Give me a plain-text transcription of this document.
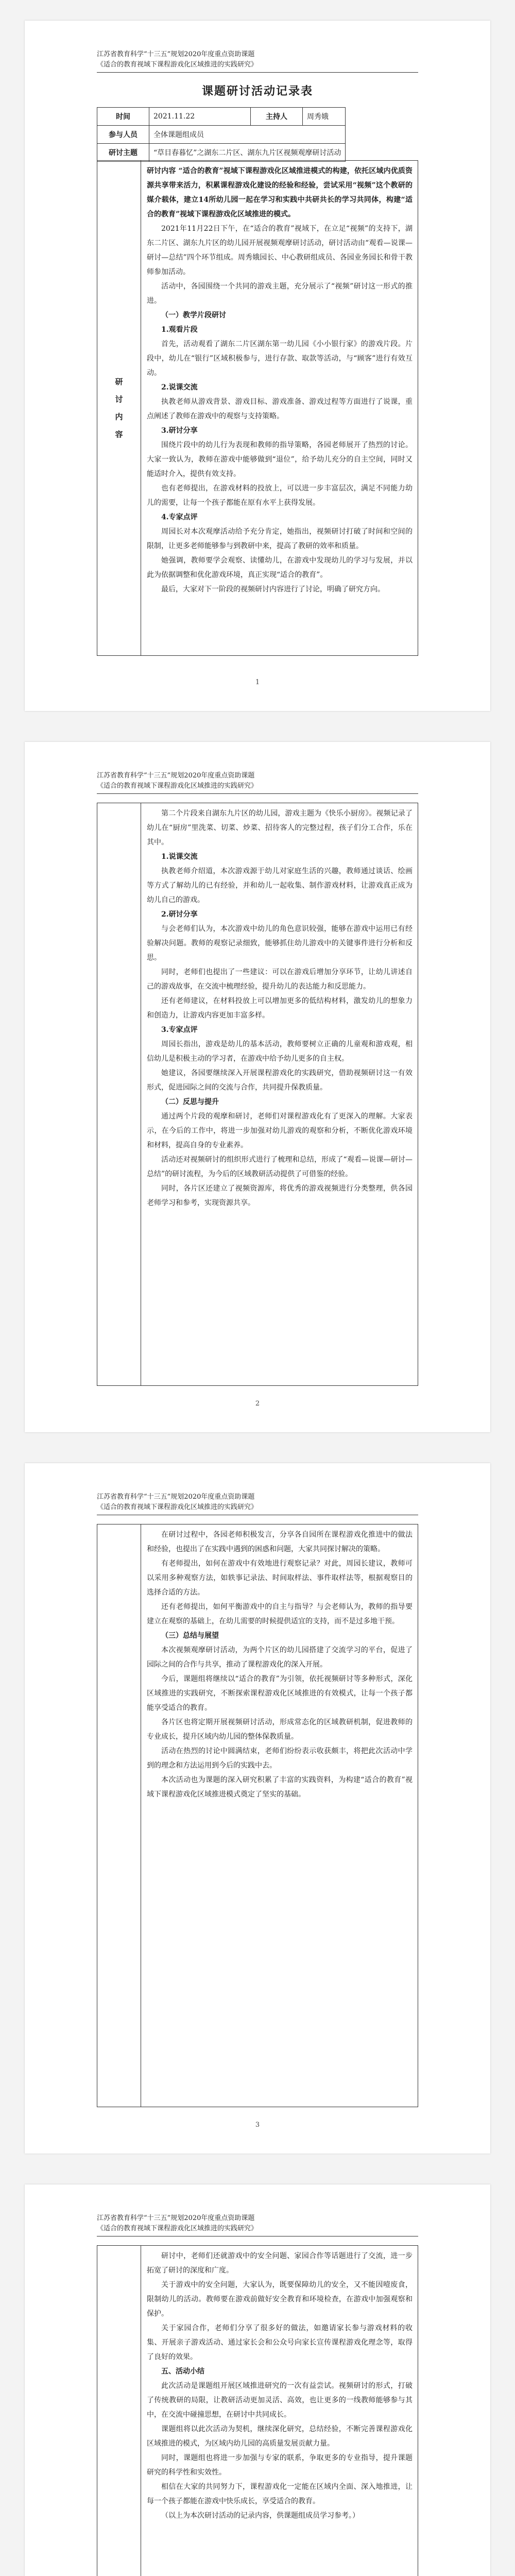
江苏省教育科学“十三五”规划2020年度重点资助课题
《适合的教育视域下课程游戏化区域推进的实践研究》
课题研讨活动记录表
时间	2021.11.22	主持人	周秀娥
参与人员	全体课题组成员		
研讨主题	“草目春暮忆”之湖东二片区、湖东九片区视频观摩研讨活动		
研
讨
内
容

研讨内容 “适合的教育”视域下课程游戏化区域推进模式的构建，依托区域内优质资源共享带来活力，积累课程游戏化建设的经验和经验，尝试采用“视频”这个教研的媒介载体，建立14所幼儿园一起在学习和实践中共研共长的学习共同体，构建“适合的教育”视域下课程游戏化区域推进的模式。

2021年11月22日下午，在“适合的教育”视域下，在立足“视频”的支持下，湖东二片区、湖东九片区的幼儿园开展视频观摩研讨活动，研讨活动由“观看—说课—研讨—总结”四个环节组成。周秀娥园长、中心教研组成员、各园业务园长和骨干教师参加活动。

活动中，各园围绕一个共同的游戏主题，充分展示了“视频”研讨这一形式的推进。

（一）教学片段研讨

1.观看片段

首先，活动观看了湖东二片区湖东第一幼儿园《小小银行家》的游戏片段。片段中，幼儿在“银行”区域积极参与，进行存款、取款等活动，与“顾客”进行有效互动。

2.说课交流

执教老师从游戏背景、游戏目标、游戏准备、游戏过程等方面进行了说课，重点阐述了教师在游戏中的观察与支持策略。

3.研讨分享

围绕片段中的幼儿行为表现和教师的指导策略，各园老师展开了热烈的讨论。大家一致认为，教师在游戏中能够做到“退位”，给予幼儿充分的自主空间，同时又能适时介入，提供有效支持。

也有老师提出，在游戏材料的投放上，可以进一步丰富层次，满足不同能力幼儿的需要，让每一个孩子都能在原有水平上获得发展。

4.专家点评

周园长对本次观摩活动给予充分肯定，她指出，视频研讨打破了时间和空间的限制，让更多老师能够参与到教研中来，提高了教研的效率和质量。

她强调，教师要学会观察、读懂幼儿，在游戏中发现幼儿的学习与发展，并以此为依据调整和优化游戏环境，真正实现“适合的教育”。

最后，大家对下一阶段的视频研讨内容进行了讨论，明确了研究方向。

1
江苏省教育科学“十三五”规划2020年度重点资助课题
《适合的教育视域下课程游戏化区域推进的实践研究》

第二个片段来自湖东九片区的幼儿园，游戏主题为《快乐小厨房》。视频记录了幼儿在“厨房”里洗菜、切菜、炒菜、招待客人的完整过程，孩子们分工合作，乐在其中。

1.说课交流

执教老师介绍道，本次游戏源于幼儿对家庭生活的兴趣，教师通过谈话、绘画等方式了解幼儿的已有经验，并和幼儿一起收集、制作游戏材料，让游戏真正成为幼儿自己的游戏。

2.研讨分享

与会老师们认为，本次游戏中幼儿的角色意识较强，能够在游戏中运用已有经验解决问题。教师的观察记录细致，能够抓住幼儿游戏中的关键事件进行分析和反思。

同时，老师们也提出了一些建议：可以在游戏后增加分享环节，让幼儿讲述自己的游戏故事，在交流中梳理经验，提升幼儿的表达能力和反思能力。

还有老师建议，在材料投放上可以增加更多的低结构材料，激发幼儿的想象力和创造力，让游戏内容更加丰富多样。

3.专家点评

周园长指出，游戏是幼儿的基本活动，教师要树立正确的儿童观和游戏观，相信幼儿是积极主动的学习者，在游戏中给予幼儿更多的自主权。

她建议，各园要继续深入开展课程游戏化的实践研究，借助视频研讨这一有效形式，促进园际之间的交流与合作，共同提升保教质量。

（二）反思与提升

通过两个片段的观摩和研讨，老师们对课程游戏化有了更深入的理解。大家表示，在今后的工作中，将进一步加强对幼儿游戏的观察和分析，不断优化游戏环境和材料，提高自身的专业素养。

活动还对视频研讨的组织形式进行了梳理和总结，形成了“观看—说课—研讨—总结”的研讨流程，为今后的区域教研活动提供了可借鉴的经验。

同时，各片区还建立了视频资源库，将优秀的游戏视频进行分类整理，供各园老师学习和参考，实现资源共享。

2
江苏省教育科学“十三五”规划2020年度重点资助课题
《适合的教育视域下课程游戏化区域推进的实践研究》

在研讨过程中，各园老师积极发言，分享各自园所在课程游戏化推进中的做法和经验，也提出了在实践中遇到的困惑和问题，大家共同探讨解决的策略。

有老师提出，如何在游戏中有效地进行观察记录？对此，周园长建议，教师可以采用多种观察方法，如轶事记录法、时间取样法、事件取样法等，根据观察目的选择合适的方法。

还有老师提出，如何平衡游戏中的自主与指导？与会老师认为，教师的指导要建立在观察的基础上，在幼儿需要的时候提供适宜的支持，而不是过多地干预。

（三）总结与展望

本次视频观摩研讨活动，为两个片区的幼儿园搭建了交流学习的平台，促进了园际之间的合作与共享，推动了课程游戏化的深入开展。

今后，课题组将继续以“适合的教育”为引领，依托视频研讨等多种形式，深化区域推进的实践研究，不断探索课程游戏化区域推进的有效模式，让每一个孩子都能享受适合的教育。

各片区也将定期开展视频研讨活动，形成常态化的区域教研机制，促进教师的专业成长，提升区域内幼儿园的整体保教质量。

活动在热烈的讨论中圆满结束，老师们纷纷表示收获颇丰，将把此次活动中学到的理念和方法运用到今后的实践中去。

本次活动也为课题的深入研究积累了丰富的实践资料，为构建“适合的教育”视域下课程游戏化区域推进模式奠定了坚实的基础。

3
江苏省教育科学“十三五”规划2020年度重点资助课题
《适合的教育视域下课程游戏化区域推进的实践研究》

研讨中，老师们还就游戏中的安全问题、家园合作等话题进行了交流，进一步拓宽了研讨的深度和广度。

关于游戏中的安全问题，大家认为，既要保障幼儿的安全，又不能因噎废食，限制幼儿的活动。教师要在游戏前做好安全教育和环境检查，在游戏中加强观察和保护。

关于家园合作，老师们分享了很多好的做法，如邀请家长参与游戏材料的收集、开展亲子游戏活动、通过家长会和公众号向家长宣传课程游戏化理念等，取得了良好的效果。

五、活动小结

此次活动是课题组开展区域推进研究的一次有益尝试。视频研讨的形式，打破了传统教研的局限，让教研活动更加灵活、高效，也让更多的一线教师能够参与其中，在交流中碰撞思想，在研讨中共同成长。

课题组将以此次活动为契机，继续深化研究，总结经验，不断完善课程游戏化区域推进的模式，为区域内幼儿园的高质量发展贡献力量。

同时，课题组也将进一步加强与专家的联系，争取更多的专业指导，提升课题研究的科学性和实效性。

相信在大家的共同努力下，课程游戏化一定能在区域内全面、深入地推进，让每一个孩子都能在游戏中快乐成长，享受适合的教育。

（以上为本次研讨活动的记录内容，供课题组成员学习参考。）
